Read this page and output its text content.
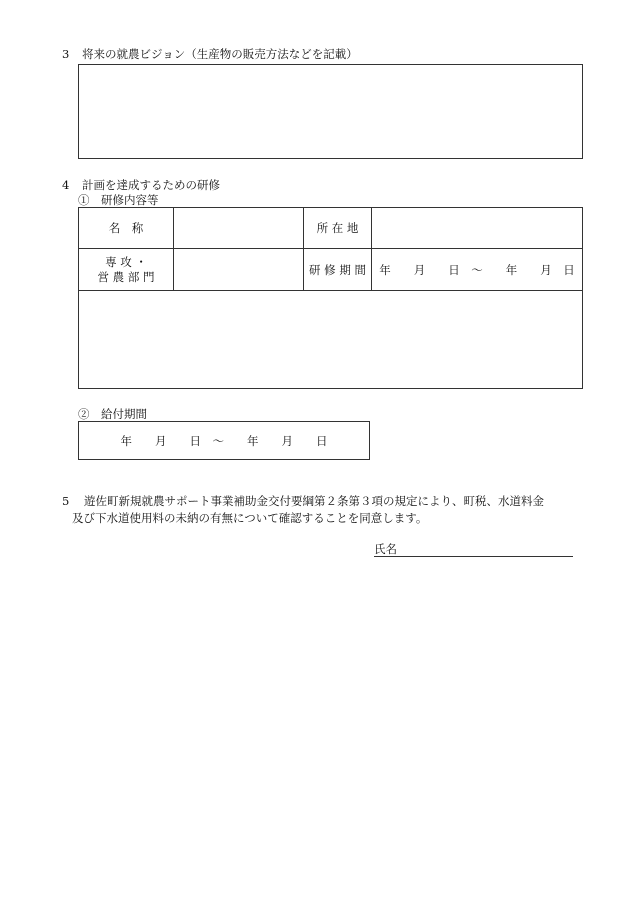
3 将来の就農ビジョン（生産物の販売方法などを記載）
4 計画を達成するための研修
①　研修内容等
名　称	所 在 地
専 攻 ・
営 農 部 門	研 修 期 間	年　　月　　日　～　　年　　月　日
②　給付期間
年　　月　　日　～　　年　　月　　日
5 遊佐町新規就農サポート事業補助金交付要綱第２条第３項の規定により、町税、水道料金
及び下水道使用料の未納の有無について確認することを同意します。
氏名
